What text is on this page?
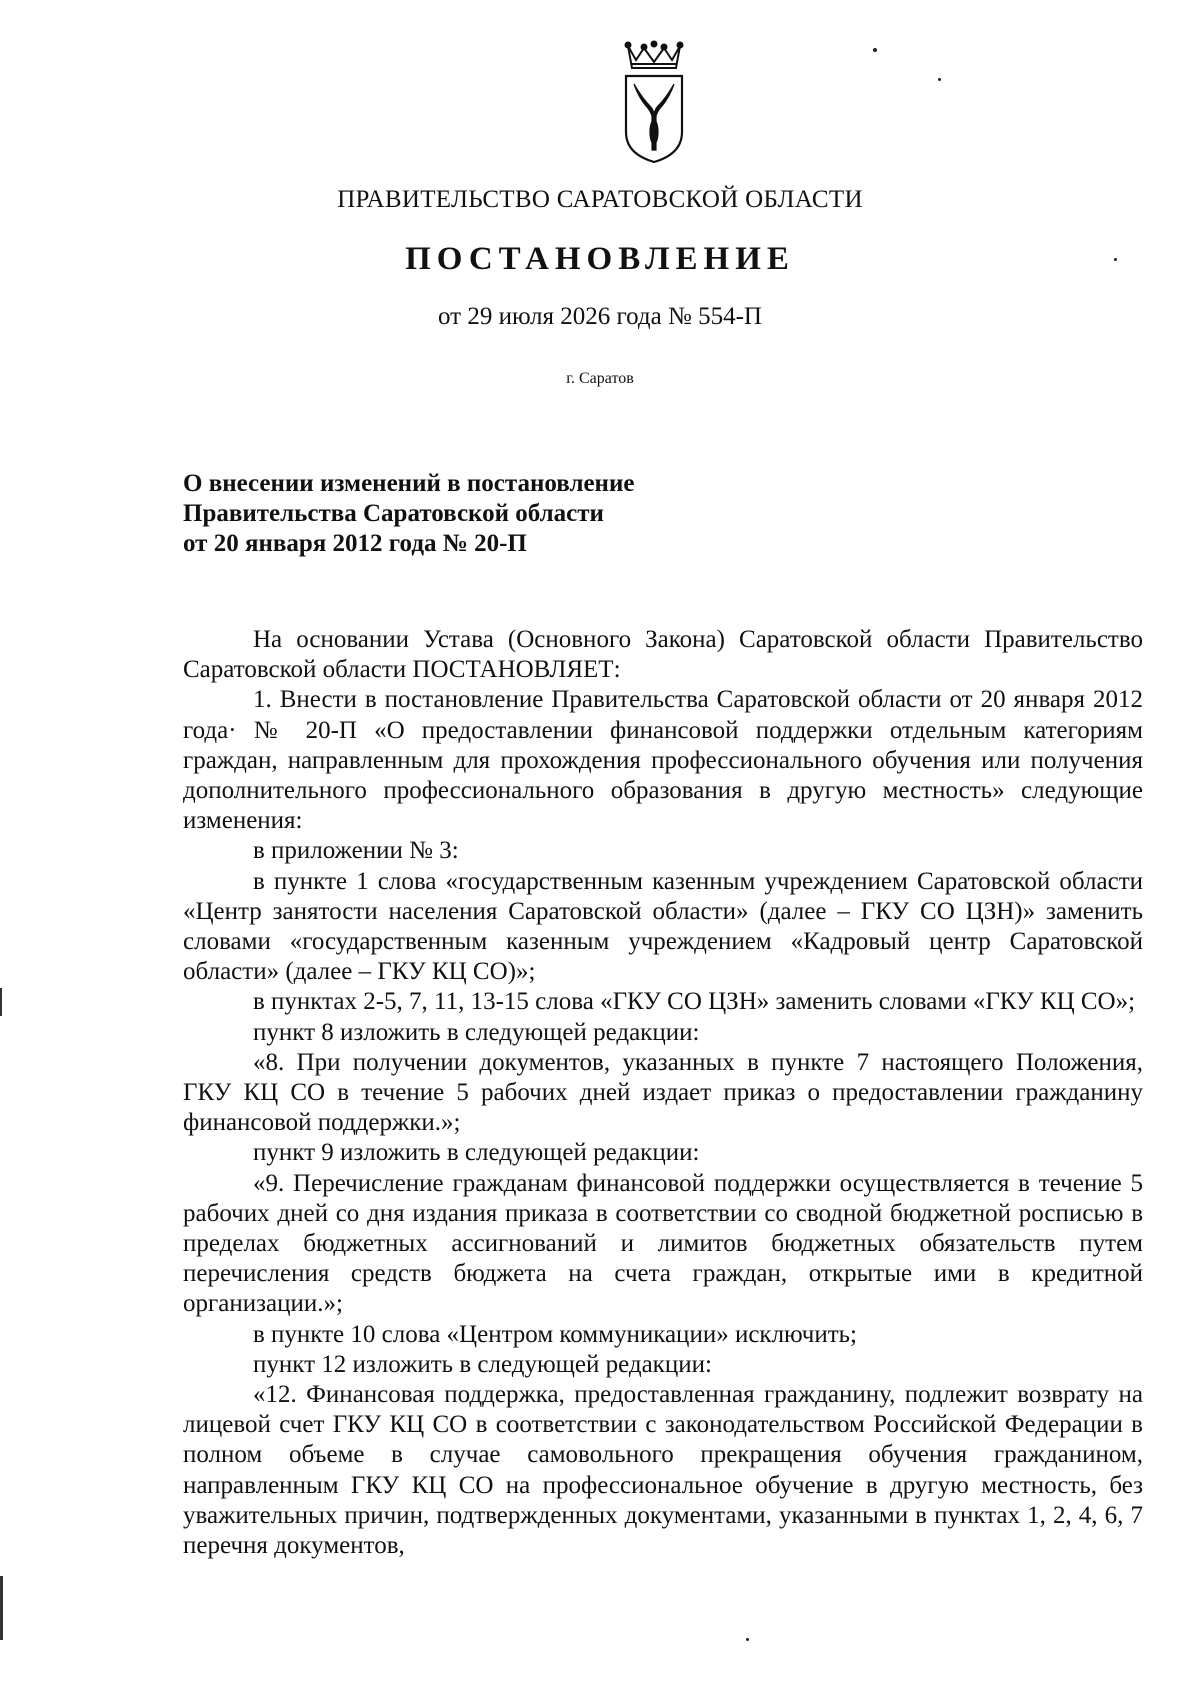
ПРАВИТЕЛЬСТВО САРАТОВСКОЙ ОБЛАСТИ
ПОСТАНОВЛЕНИЕ
от 29 июля 2026 года № 554-П
г. Саратов
О внесении изменений в постановление
Правительства Саратовской области
от 20 января 2012 года № 20-П

На основании Устава (Основного Закона) Саратовской области Правительство Саратовской области ПОСТАНОВЛЯЕТ:

1. Внести в постановление Правительства Саратовской области от 20 января 2012 года· № 20-П «О предоставлении финансовой поддержки отдельным категориям граждан, направленным для прохождения профессионального обучения или получения дополнительного профессионального образования в другую местность» следующие изменения:

в приложении № 3:

в пункте 1 слова «государственным казенным учреждением Саратовской области «Центр занятости населения Саратовской области» (далее – ГКУ СО ЦЗН)» заменить словами «государственным казенным учреждением «Кадровый центр Саратовской области» (далее – ГКУ КЦ СО)»;

в пунктах 2-5, 7, 11, 13-15 слова «ГКУ СО ЦЗН» заменить словами «ГКУ КЦ СО»;

пункт 8 изложить в следующей редакции:

«8. При получении документов, указанных в пункте 7 настоящего Положения, ГКУ КЦ СО в течение 5 рабочих дней издает приказ о предоставлении гражданину финансовой поддержки.»;

пункт 9 изложить в следующей редакции:

«9. Перечисление гражданам финансовой поддержки осуществляется в течение 5 рабочих дней со дня издания приказа в соответствии со сводной бюджетной росписью в пределах бюджетных ассигнований и лимитов бюджетных обязательств путем перечисления средств бюджета на счета граждан, открытые ими в кредитной организации.»;

в пункте 10 слова «Центром коммуникации» исключить;

пункт 12 изложить в следующей редакции:

«12. Финансовая поддержка, предоставленная гражданину, подлежит возврату на лицевой счет ГКУ КЦ СО в соответствии с законодательством Российской Федерации в полном объеме в случае самовольного прекращения обучения гражданином, направленным ГКУ КЦ СО на профессиональное обучение в другую местность, без уважительных причин, подтвержденных документами, указанными в пунктах 1, 2, 4, 6, 7 перечня документов,
